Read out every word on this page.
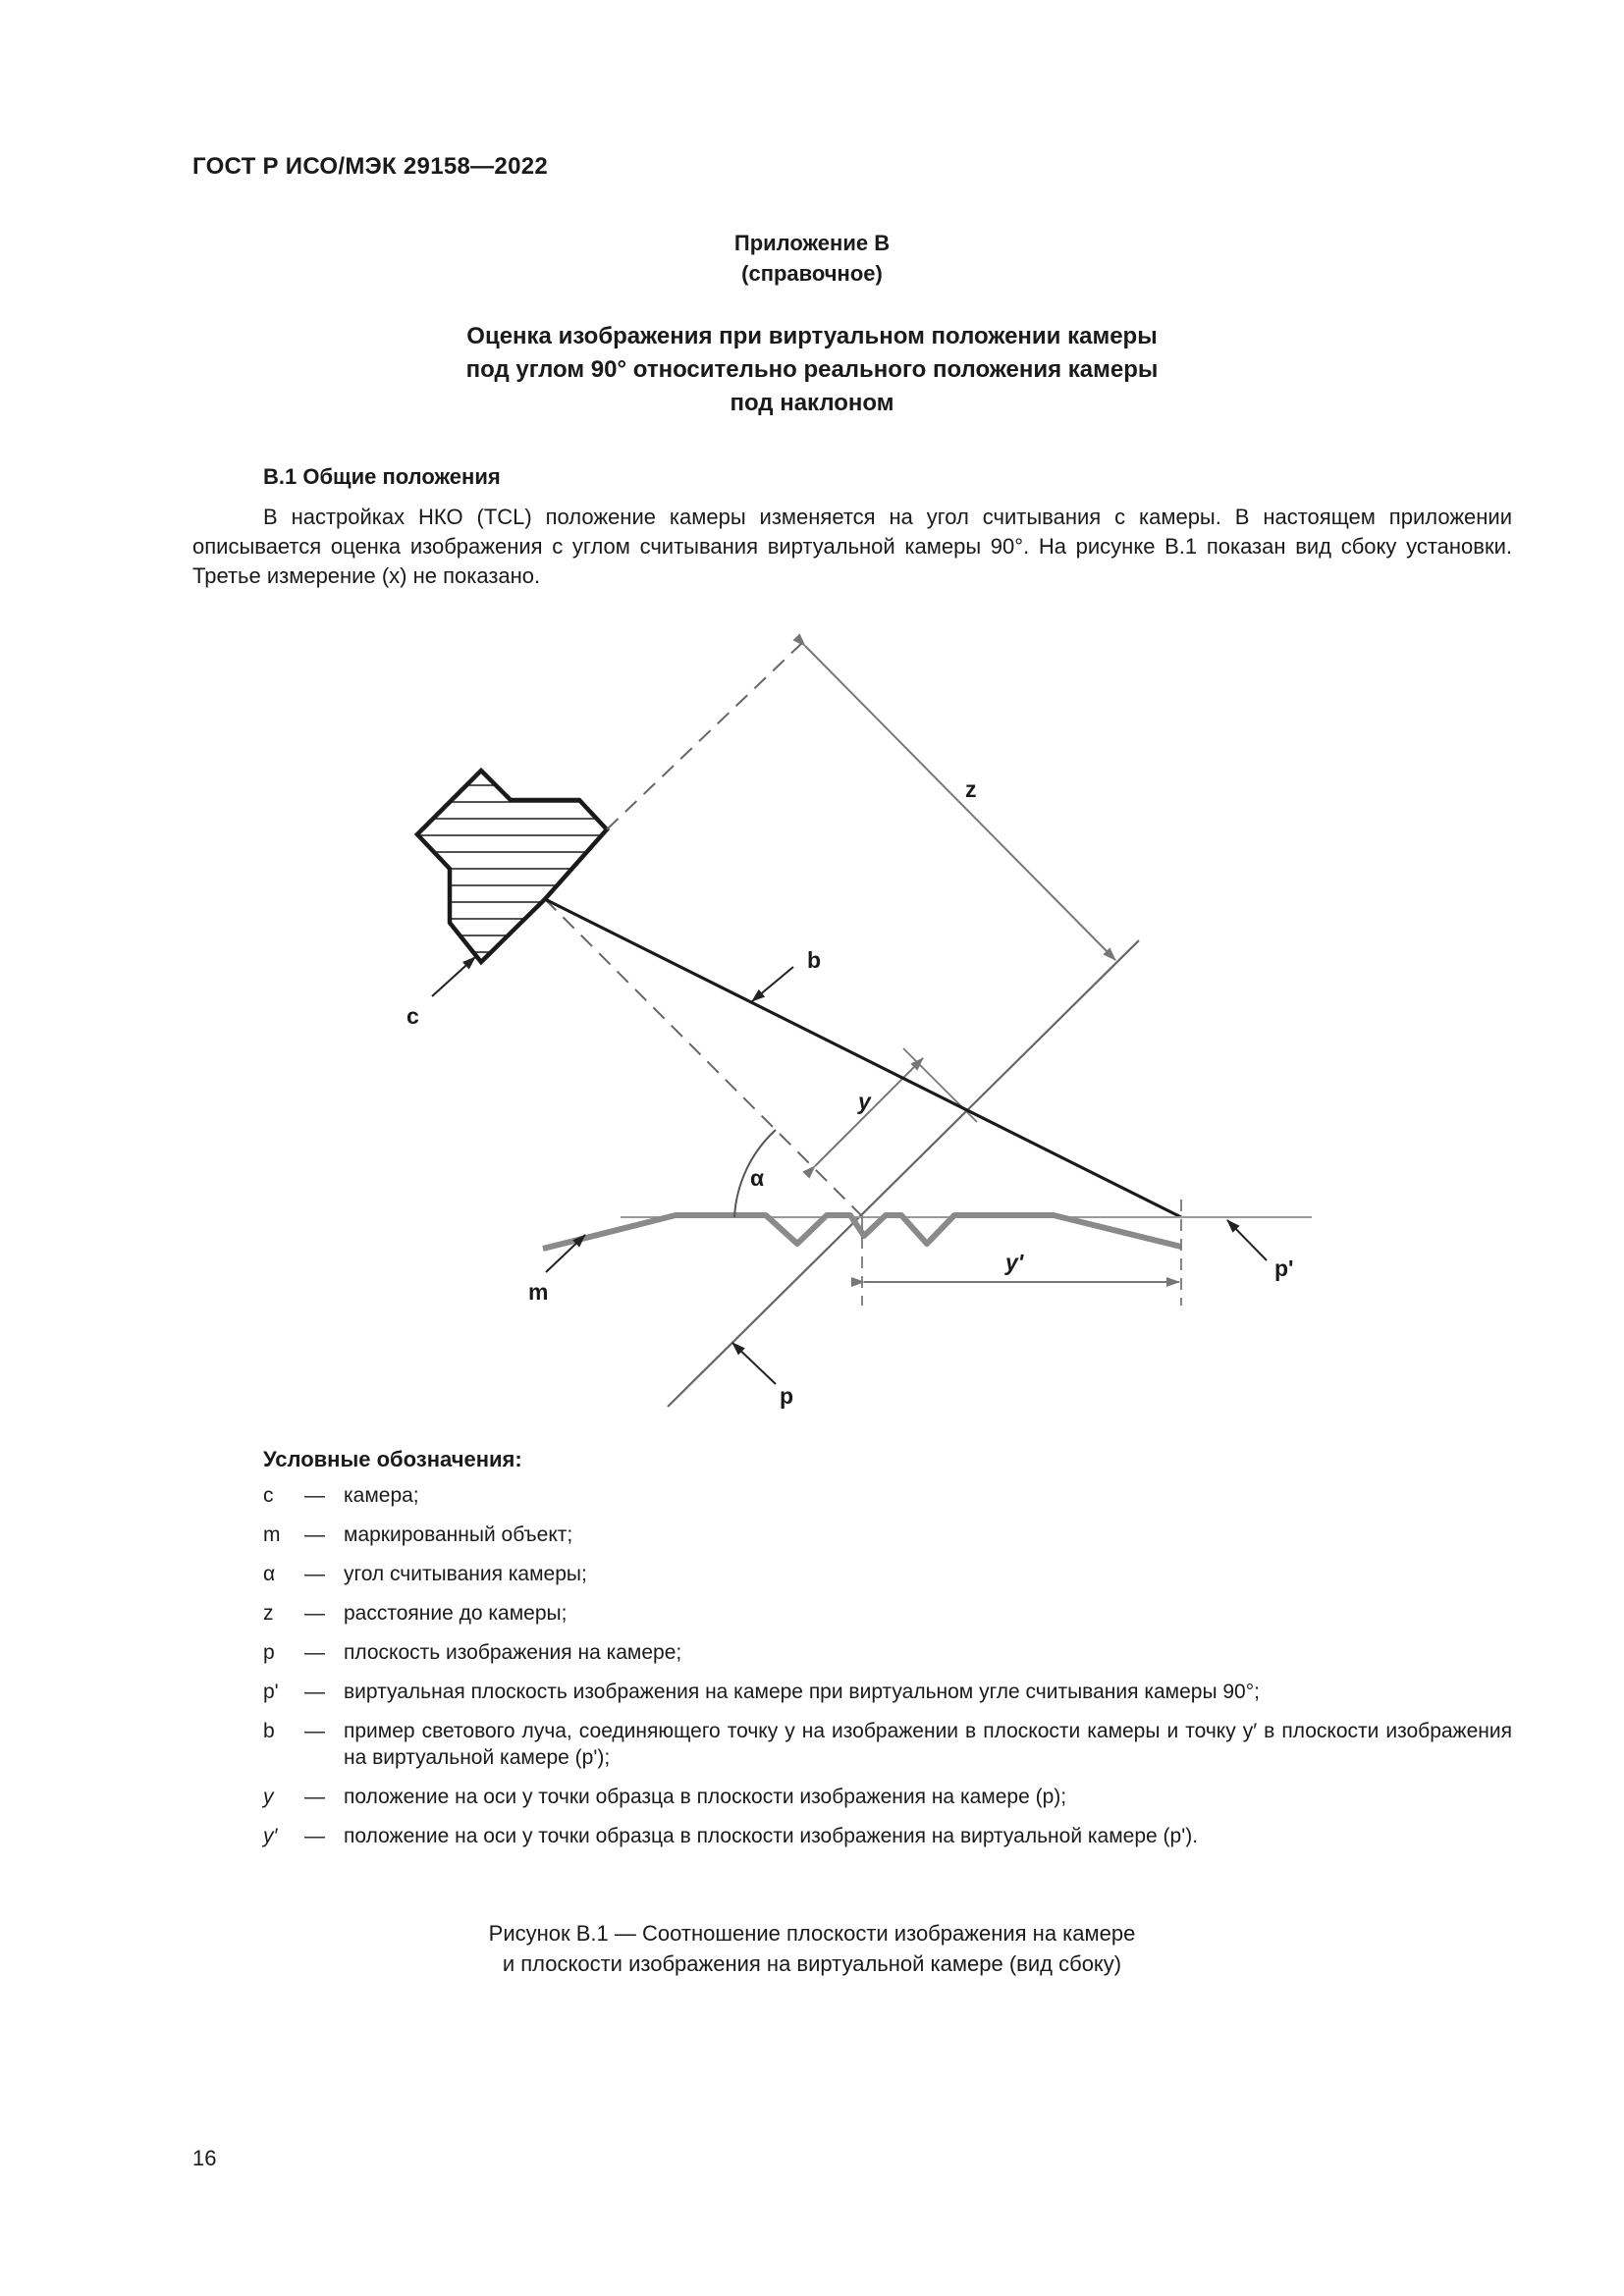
ГОСТ Р ИСО/МЭК 29158—2022
Приложение В
(справочное)
Оценка изображения при виртуальном положении камеры
под углом 90° относительно реального положения камеры
под наклоном
В.1 Общие положения
В настройках НКО (TCL) положение камеры изменяется на угол считывания с камеры. В настоящем приложении описывается оценка изображения с углом считывания виртуальной камеры 90°. На рисунке В.1 показан вид сбоку установки. Третье измерение (x) не показано.
z
b
c
y
α
m
y'	p'
p
Условные обозначения:
c	— камера;
m	— маркированный объект;
α	— угол считывания камеры;
z	— расстояние до камеры;
p	— плоскость изображения на камере;
p'	— виртуальная плоскость изображения на камере при виртуальном угле считывания камеры 90°;
b	— пример светового луча, соединяющего точку y на изображении в плоскости камеры и точку y′ в плоскости изображения на виртуальной камере (p');
y	— положение на оси y точки образца в плоскости изображения на камере (p);
y′	— положение на оси y точки образца в плоскости изображения на виртуальной камере (p').
Рисунок В.1 — Соотношение плоскости изображения на камере
и плоскости изображения на виртуальной камере (вид сбоку)
16
